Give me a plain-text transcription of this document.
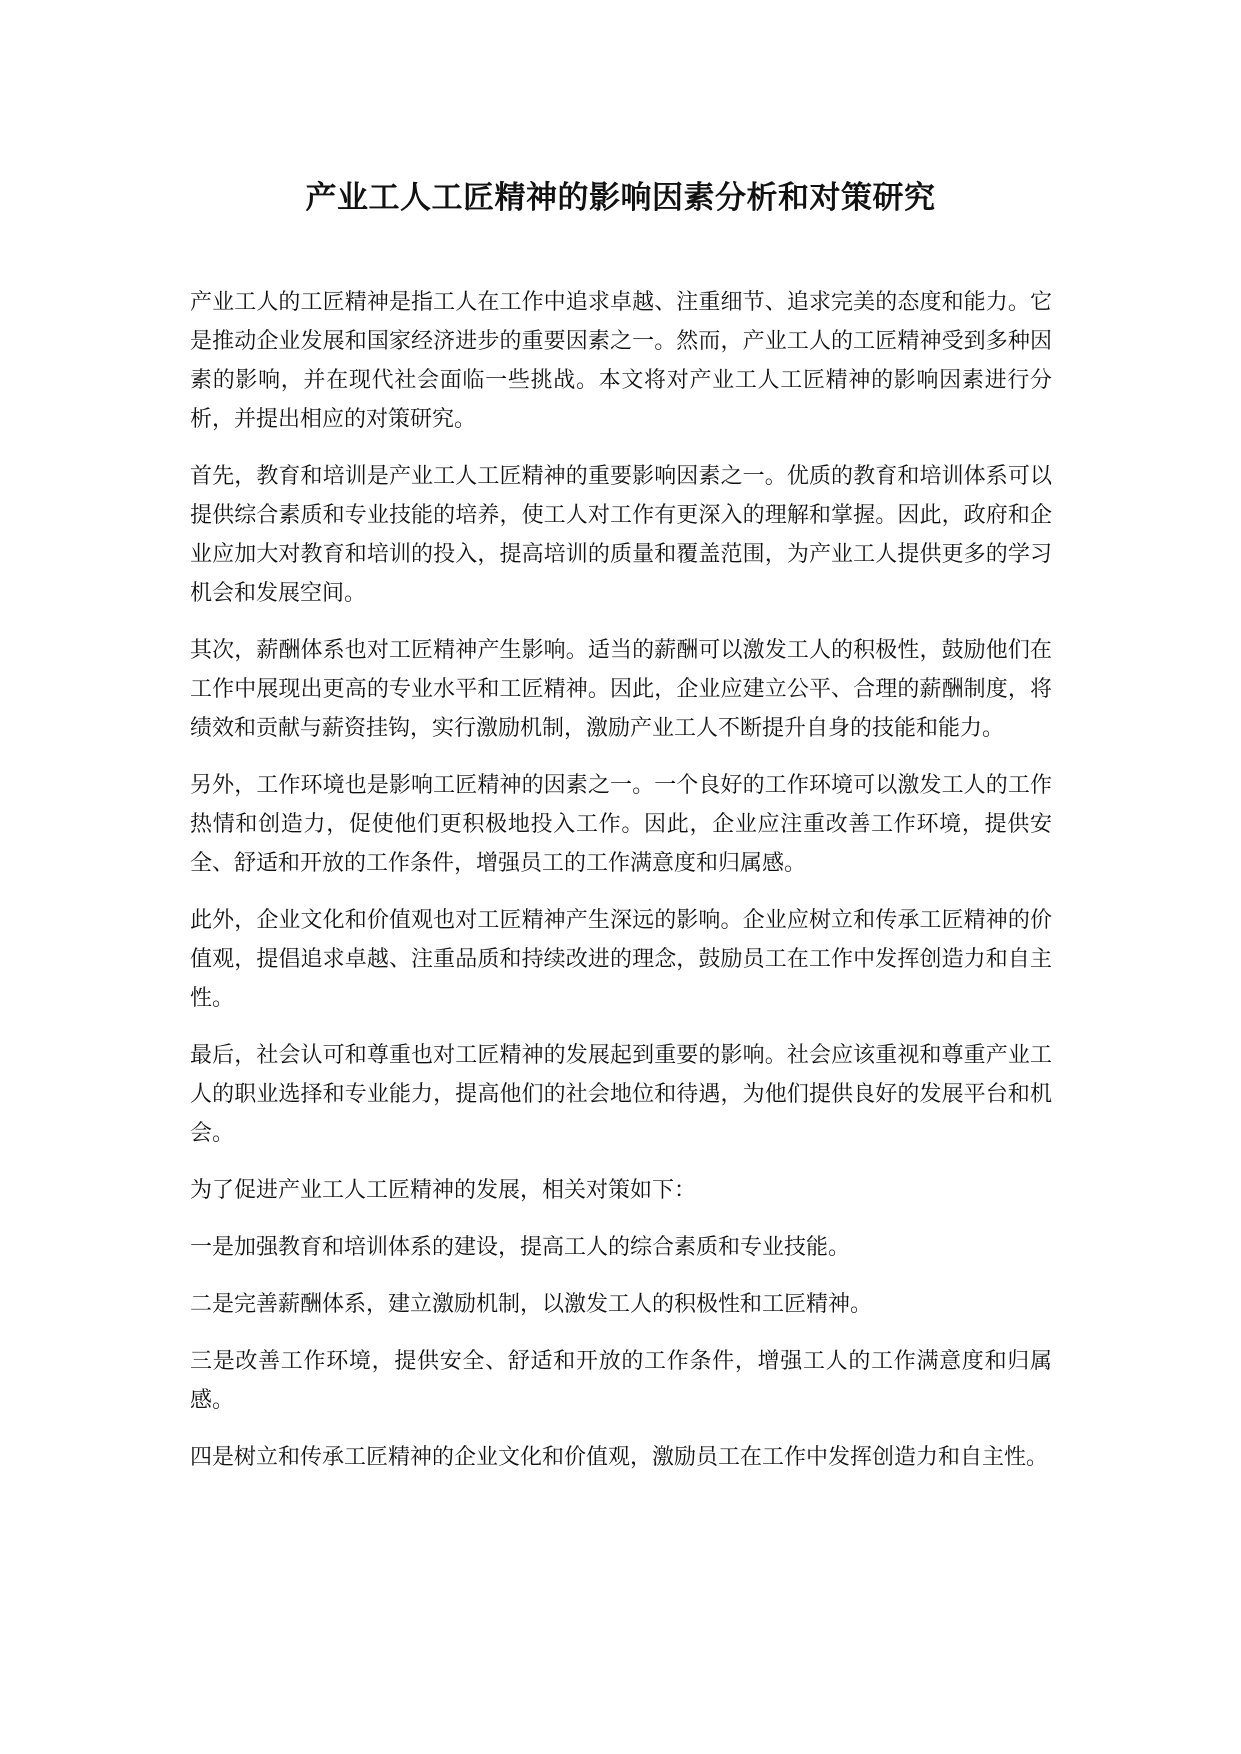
产业工人工匠精神的影响因素分析和对策研究

产业工人的工匠精神是指工人在工作中追求卓越、注重细节、追求完美的态度和能力。它是推动企业发展和国家经济进步的重要因素之一。然而，产业工人的工匠精神受到多种因素的影响，并在现代社会面临一些挑战。本文将对产业工人工匠精神的影响因素进行分析，并提出相应的对策研究。

首先，教育和培训是产业工人工匠精神的重要影响因素之一。优质的教育和培训体系可以提供综合素质和专业技能的培养，使工人对工作有更深入的理解和掌握。因此，政府和企业应加大对教育和培训的投入，提高培训的质量和覆盖范围，为产业工人提供更多的学习机会和发展空间。

其次，薪酬体系也对工匠精神产生影响。适当的薪酬可以激发工人的积极性，鼓励他们在工作中展现出更高的专业水平和工匠精神。因此，企业应建立公平、合理的薪酬制度，将绩效和贡献与薪资挂钩，实行激励机制，激励产业工人不断提升自身的技能和能力。

另外，工作环境也是影响工匠精神的因素之一。一个良好的工作环境可以激发工人的工作热情和创造力，促使他们更积极地投入工作。因此，企业应注重改善工作环境，提供安全、舒适和开放的工作条件，增强员工的工作满意度和归属感。

此外，企业文化和价值观也对工匠精神产生深远的影响。企业应树立和传承工匠精神的价值观，提倡追求卓越、注重品质和持续改进的理念，鼓励员工在工作中发挥创造力和自主性。

最后，社会认可和尊重也对工匠精神的发展起到重要的影响。社会应该重视和尊重产业工人的职业选择和专业能力，提高他们的社会地位和待遇，为他们提供良好的发展平台和机会。

为了促进产业工人工匠精神的发展，相关对策如下：

一是加强教育和培训体系的建设，提高工人的综合素质和专业技能。

二是完善薪酬体系，建立激励机制，以激发工人的积极性和工匠精神。

三是改善工作环境，提供安全、舒适和开放的工作条件，增强工人的工作满意度和归属感。

四是树立和传承工匠精神的企业文化和价值观，激励员工在工作中发挥创造力和自主性。
